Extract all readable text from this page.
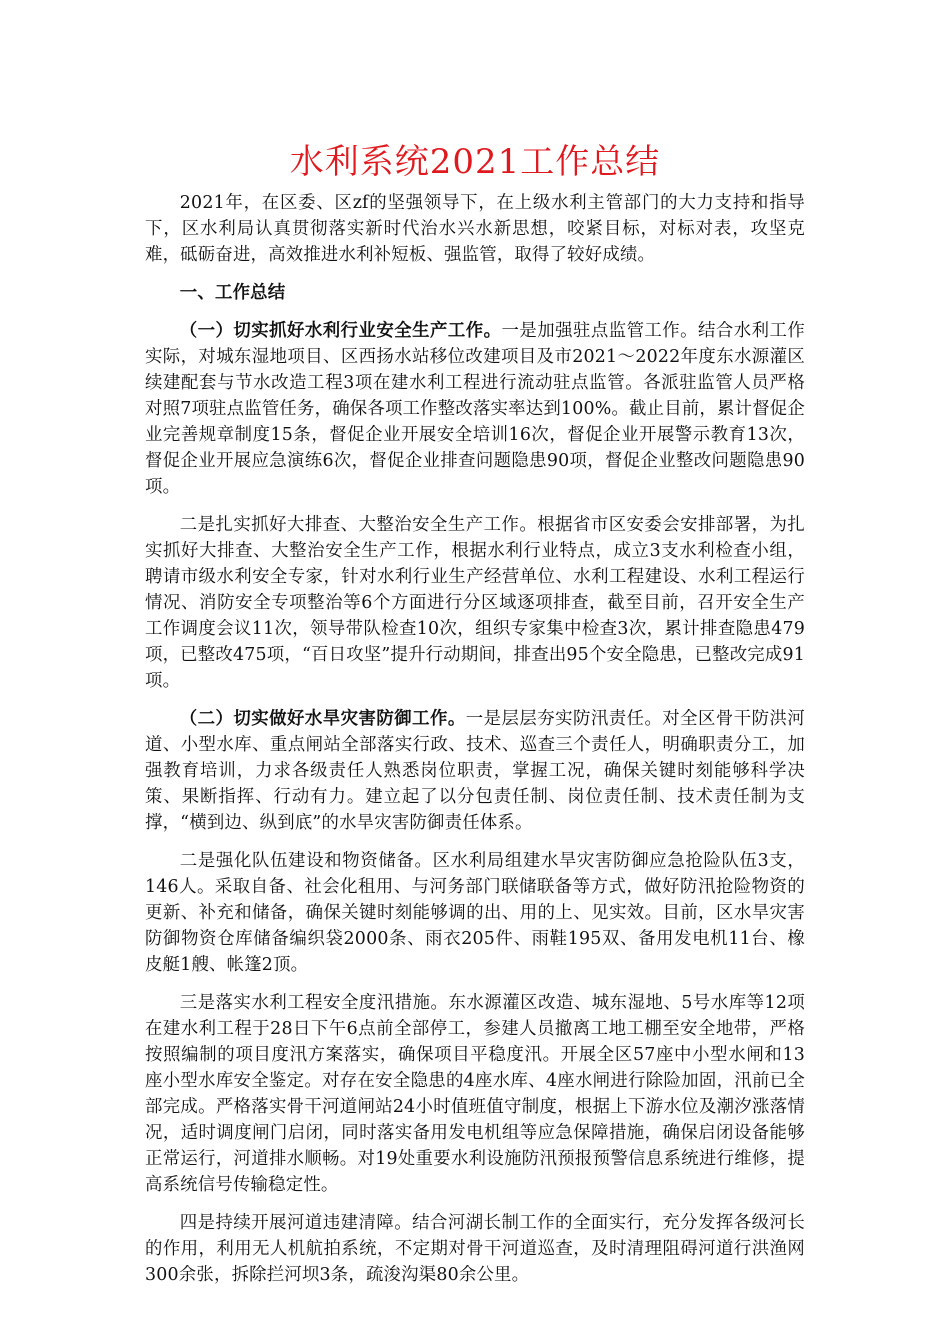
水利系统2021工作总结

2021年，在区委、区zf的坚强领导下，在上级水利主管部门的大力支持和指导下，区水利局认真贯彻落实新时代治水兴水新思想，咬紧目标，对标对表，攻坚克难，砥砺奋进，高效推进水利补短板、强监管，取得了较好成绩。

一、工作总结

（一）切实抓好水利行业安全生产工作。一是加强驻点监管工作。结合水利工作实际，对城东湿地项目、区西扬水站移位改建项目及市2021～2022年度东水源灌区续建配套与节水改造工程3项在建水利工程进行流动驻点监管。各派驻监管人员严格对照7项驻点监管任务，确保各项工作整改落实率达到100%。截止目前，累计督促企业完善规章制度15条，督促企业开展安全培训16次，督促企业开展警示教育13次，督促企业开展应急演练6次，督促企业排查问题隐患90项，督促企业整改问题隐患90项。

二是扎实抓好大排查、大整治安全生产工作。根据省市区安委会安排部署，为扎实抓好大排查、大整治安全生产工作，根据水利行业特点，成立3支水利检查小组，聘请市级水利安全专家，针对水利行业生产经营单位、水利工程建设、水利工程运行情况、消防安全专项整治等6个方面进行分区域逐项排查，截至目前，召开安全生产工作调度会议11次，领导带队检查10次，组织专家集中检查3次，累计排查隐患479项，已整改475项，“百日攻坚”提升行动期间，排查出95个安全隐患，已整改完成91项。

（二）切实做好水旱灾害防御工作。一是层层夯实防汛责任。对全区骨干防洪河道、小型水库、重点闸站全部落实行政、技术、巡查三个责任人，明确职责分工，加强教育培训，力求各级责任人熟悉岗位职责，掌握工况，确保关键时刻能够科学决策、果断指挥、行动有力。建立起了以分包责任制、岗位责任制、技术责任制为支撑，“横到边、纵到底”的水旱灾害防御责任体系。

二是强化队伍建设和物资储备。区水利局组建水旱灾害防御应急抢险队伍3支，146人。采取自备、社会化租用、与河务部门联储联备等方式，做好防汛抢险物资的更新、补充和储备，确保关键时刻能够调的出、用的上、见实效。目前，区水旱灾害防御物资仓库储备编织袋2000条、雨衣205件、雨鞋195双、备用发电机11台、橡皮艇1艘、帐篷2顶。

三是落实水利工程安全度汛措施。东水源灌区改造、城东湿地、5号水库等12项在建水利工程于28日下午6点前全部停工，参建人员撤离工地工棚至安全地带，严格按照编制的项目度汛方案落实，确保项目平稳度汛。开展全区57座中小型水闸和13座小型水库安全鉴定。对存在安全隐患的4座水库、4座水闸进行除险加固，汛前已全部完成。严格落实骨干河道闸站24小时值班值守制度，根据上下游水位及潮汐涨落情况，适时调度闸门启闭，同时落实备用发电机组等应急保障措施，确保启闭设备能够正常运行，河道排水顺畅。对19处重要水利设施防汛预报预警信息系统进行维修，提高系统信号传输稳定性。

四是持续开展河道违建清障。结合河湖长制工作的全面实行，充分发挥各级河长的作用，利用无人机航拍系统，不定期对骨干河道巡查，及时清理阻碍河道行洪渔网300余张，拆除拦河坝3条，疏浚沟渠80余公里。
